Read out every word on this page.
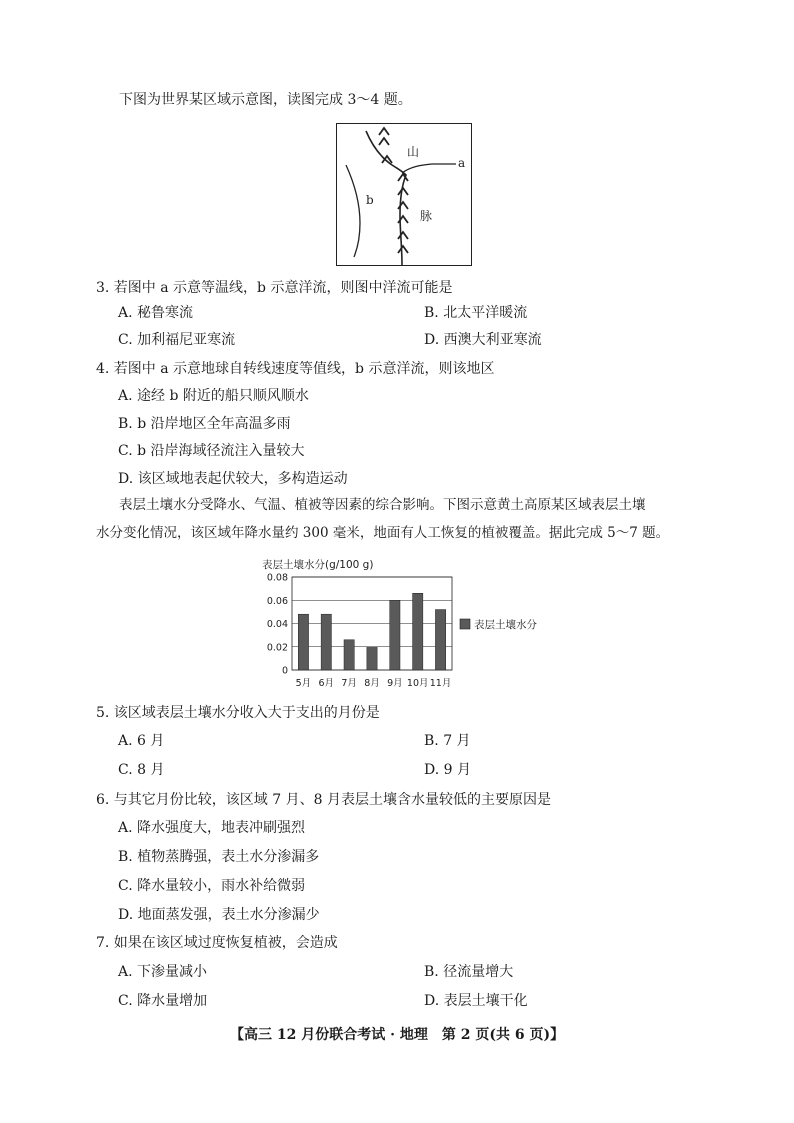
下图为世界某区域示意图，读图完成 3～4 题。
山
a
b
脉
3. 若图中 a 示意等温线，b 示意洋流，则图中洋流可能是
A. 秘鲁寒流	B. 北太平洋暖流
C. 加利福尼亚寒流	D. 西澳大利亚寒流
4. 若图中 a 示意地球自转线速度等值线，b 示意洋流，则该地区
A. 途经 b 附近的船只顺风顺水
B. b 沿岸地区全年高温多雨
C. b 沿岸海域径流注入量较大
D. 该区域地表起伏较大，多构造运动
表层土壤水分受降水、气温、植被等因素的综合影响。下图示意黄土高原某区域表层土壤
水分变化情况，该区域年降水量约 300 毫米，地面有人工恢复的植被覆盖。据此完成 5～7 题。
表层土壤水分(g/100 g)
0.08
0.06
0.04
0.02
0
5月 6月 7月 8月 9月 10月 11月
表层土壤水分
5. 该区域表层土壤水分收入大于支出的月份是
A. 6 月	B. 7 月
C. 8 月	D. 9 月
6. 与其它月份比较，该区域 7 月、8 月表层土壤含水量较低的主要原因是
A. 降水强度大，地表冲刷强烈
B. 植物蒸腾强，表土水分渗漏多
C. 降水量较小，雨水补给微弱
D. 地面蒸发强，表土水分渗漏少
7. 如果在该区域过度恢复植被，会造成
A. 下渗量减小	B. 径流量增大
C. 降水量增加	D. 表层土壤干化
【高三 12 月份联合考试 · 地理　第 2 页(共 6 页)】
